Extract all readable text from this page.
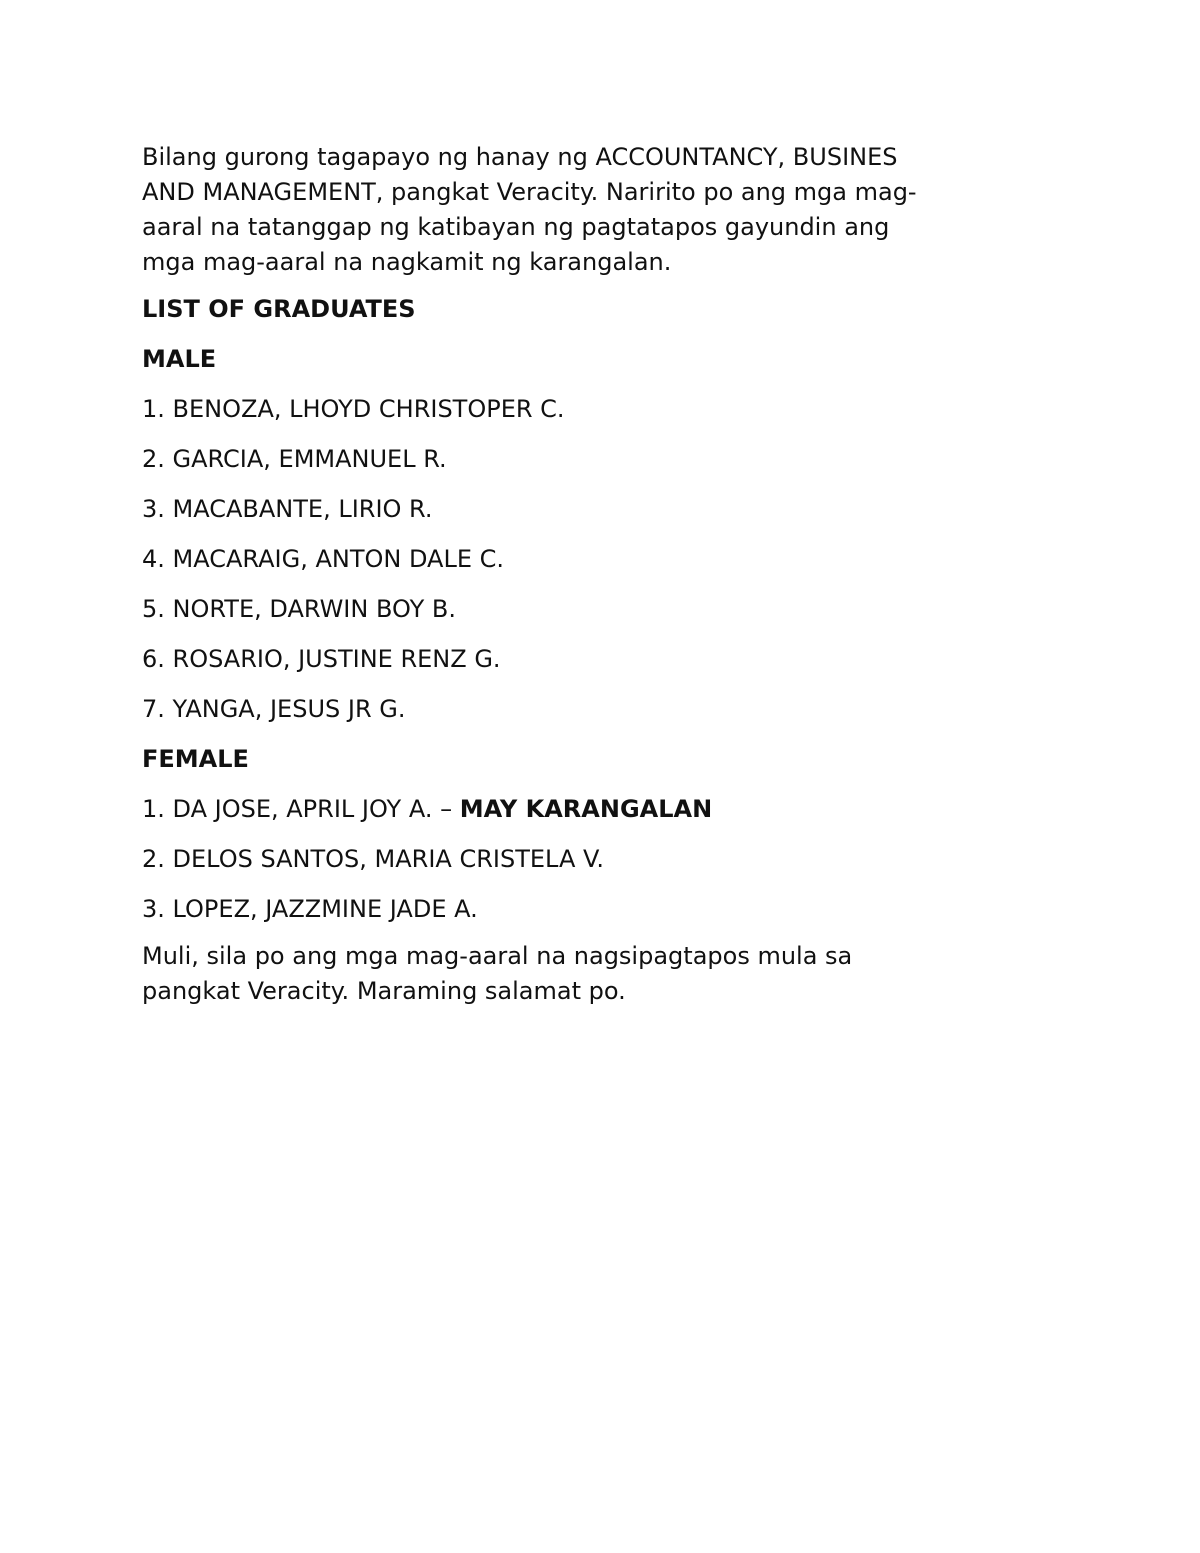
Bilang gurong tagapayo ng hanay ng ACCOUNTANCY, BUSINES
AND MANAGEMENT, pangkat Veracity. Naririto po ang mga mag-
aaral na tatanggap ng katibayan ng pagtatapos gayundin ang
mga mag-aaral na nagkamit ng karangalan.
LIST OF GRADUATES
MALE
1. BENOZA, LHOYD CHRISTOPER C.
2. GARCIA, EMMANUEL R.
3. MACABANTE, LIRIO R.
4. MACARAIG, ANTON DALE C.
5. NORTE, DARWIN BOY B.
6. ROSARIO, JUSTINE RENZ G.
7. YANGA, JESUS JR G.
FEMALE
1. DA JOSE, APRIL JOY A. – MAY KARANGALAN
2. DELOS SANTOS, MARIA CRISTELA V.
3. LOPEZ, JAZZMINE JADE A.
Muli, sila po ang mga mag-aaral na nagsipagtapos mula sa
pangkat Veracity. Maraming salamat po.
